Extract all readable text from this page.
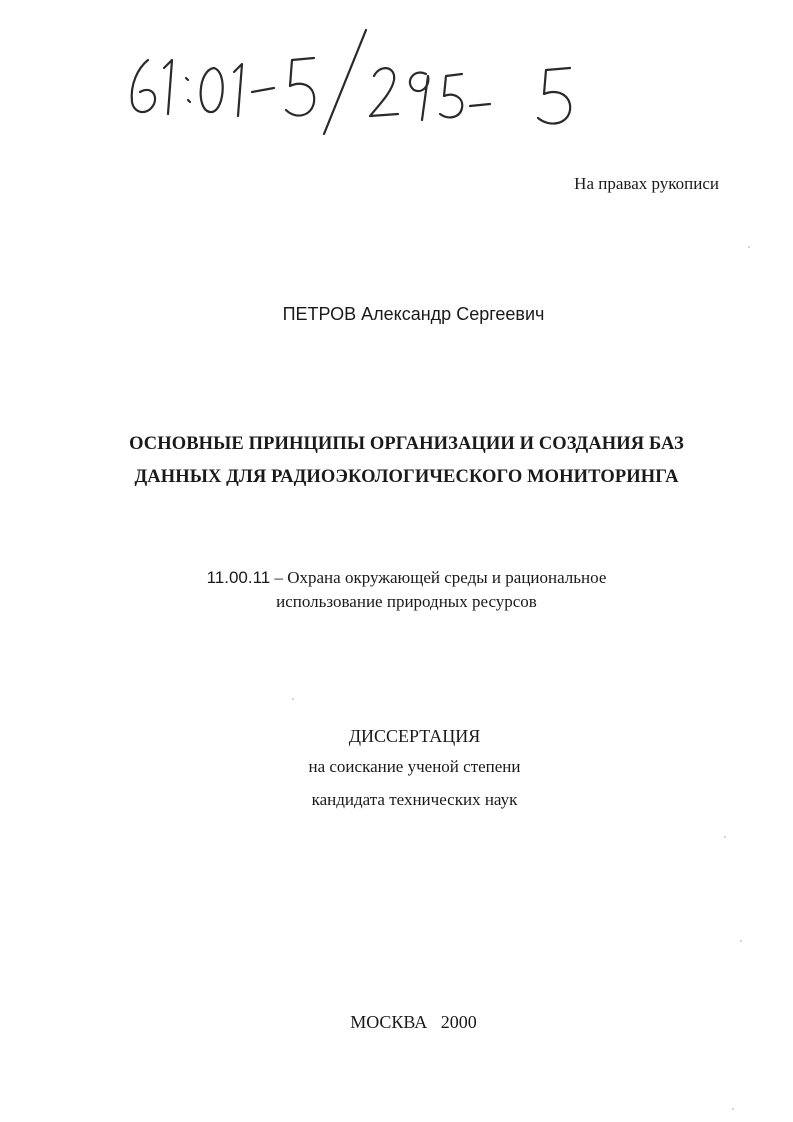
На правах рукописи
ПЕТРОВ Александр Сергеевич
ОСНОВНЫЕ ПРИНЦИПЫ ОРГАНИЗАЦИИ И СОЗДАНИЯ БАЗ
ДАННЫХ ДЛЯ РАДИОЭКОЛОГИЧЕСКОГО МОНИТОРИНГА
11.00.11 – Охрана окружающей среды и рациональное
использование природных ресурсов
ДИССЕРТАЦИЯ
на соискание ученой степени
кандидата технических наук
МОСКВА 2000
